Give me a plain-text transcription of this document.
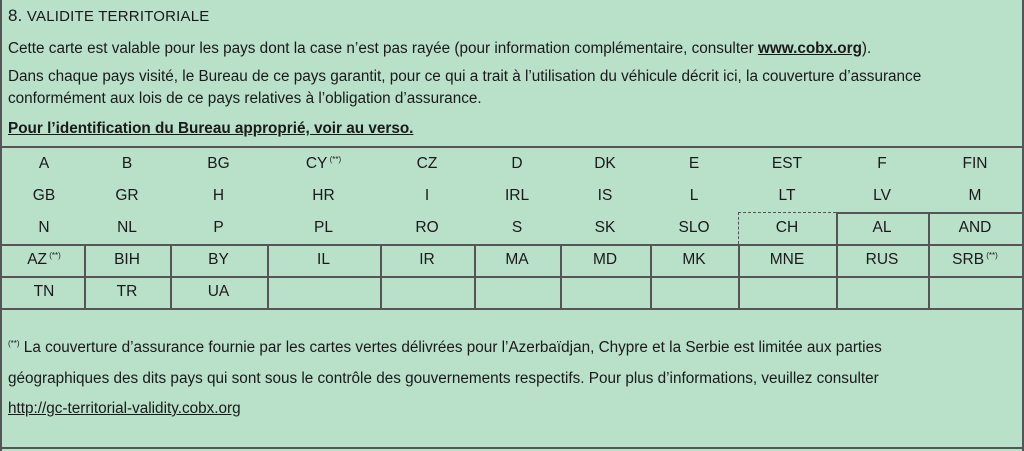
8. VALIDITE TERRITORIALE
Cette carte est valable pour les pays dont la case n’est pas rayée (pour information complémentaire, consulter www.cobx.org).
Dans chaque pays visité, le Bureau de ce pays garantit, pour ce qui a trait à l’utilisation du véhicule décrit ici, la couverture d’assurance conformément aux lois de ce pays relatives à l’obligation d’assurance.
Pour l’identification du Bureau approprié, voir au verso.
A	B	BG	CY (**)	CZ	D	DK	E	EST	F	FIN
GB	GR	H	HR	I	IRL	IS	L	LT	LV	M
N	NL	P	PL	RO	S	SK	SLO	CH	AL	AND
AZ (**)	BIH	BY	IL	IR	MA	MD	MK	MNE	RUS	SRB (**)
TN	TR	UA
(**) La couverture d’assurance fournie par les cartes vertes délivrées pour l’Azerbaïdjan, Chypre et la Serbie est limitée aux parties
géographiques des dits pays qui sont sous le contrôle des gouvernements respectifs. Pour plus d’informations, veuillez consulter
http://gc-territorial-validity.cobx.org
